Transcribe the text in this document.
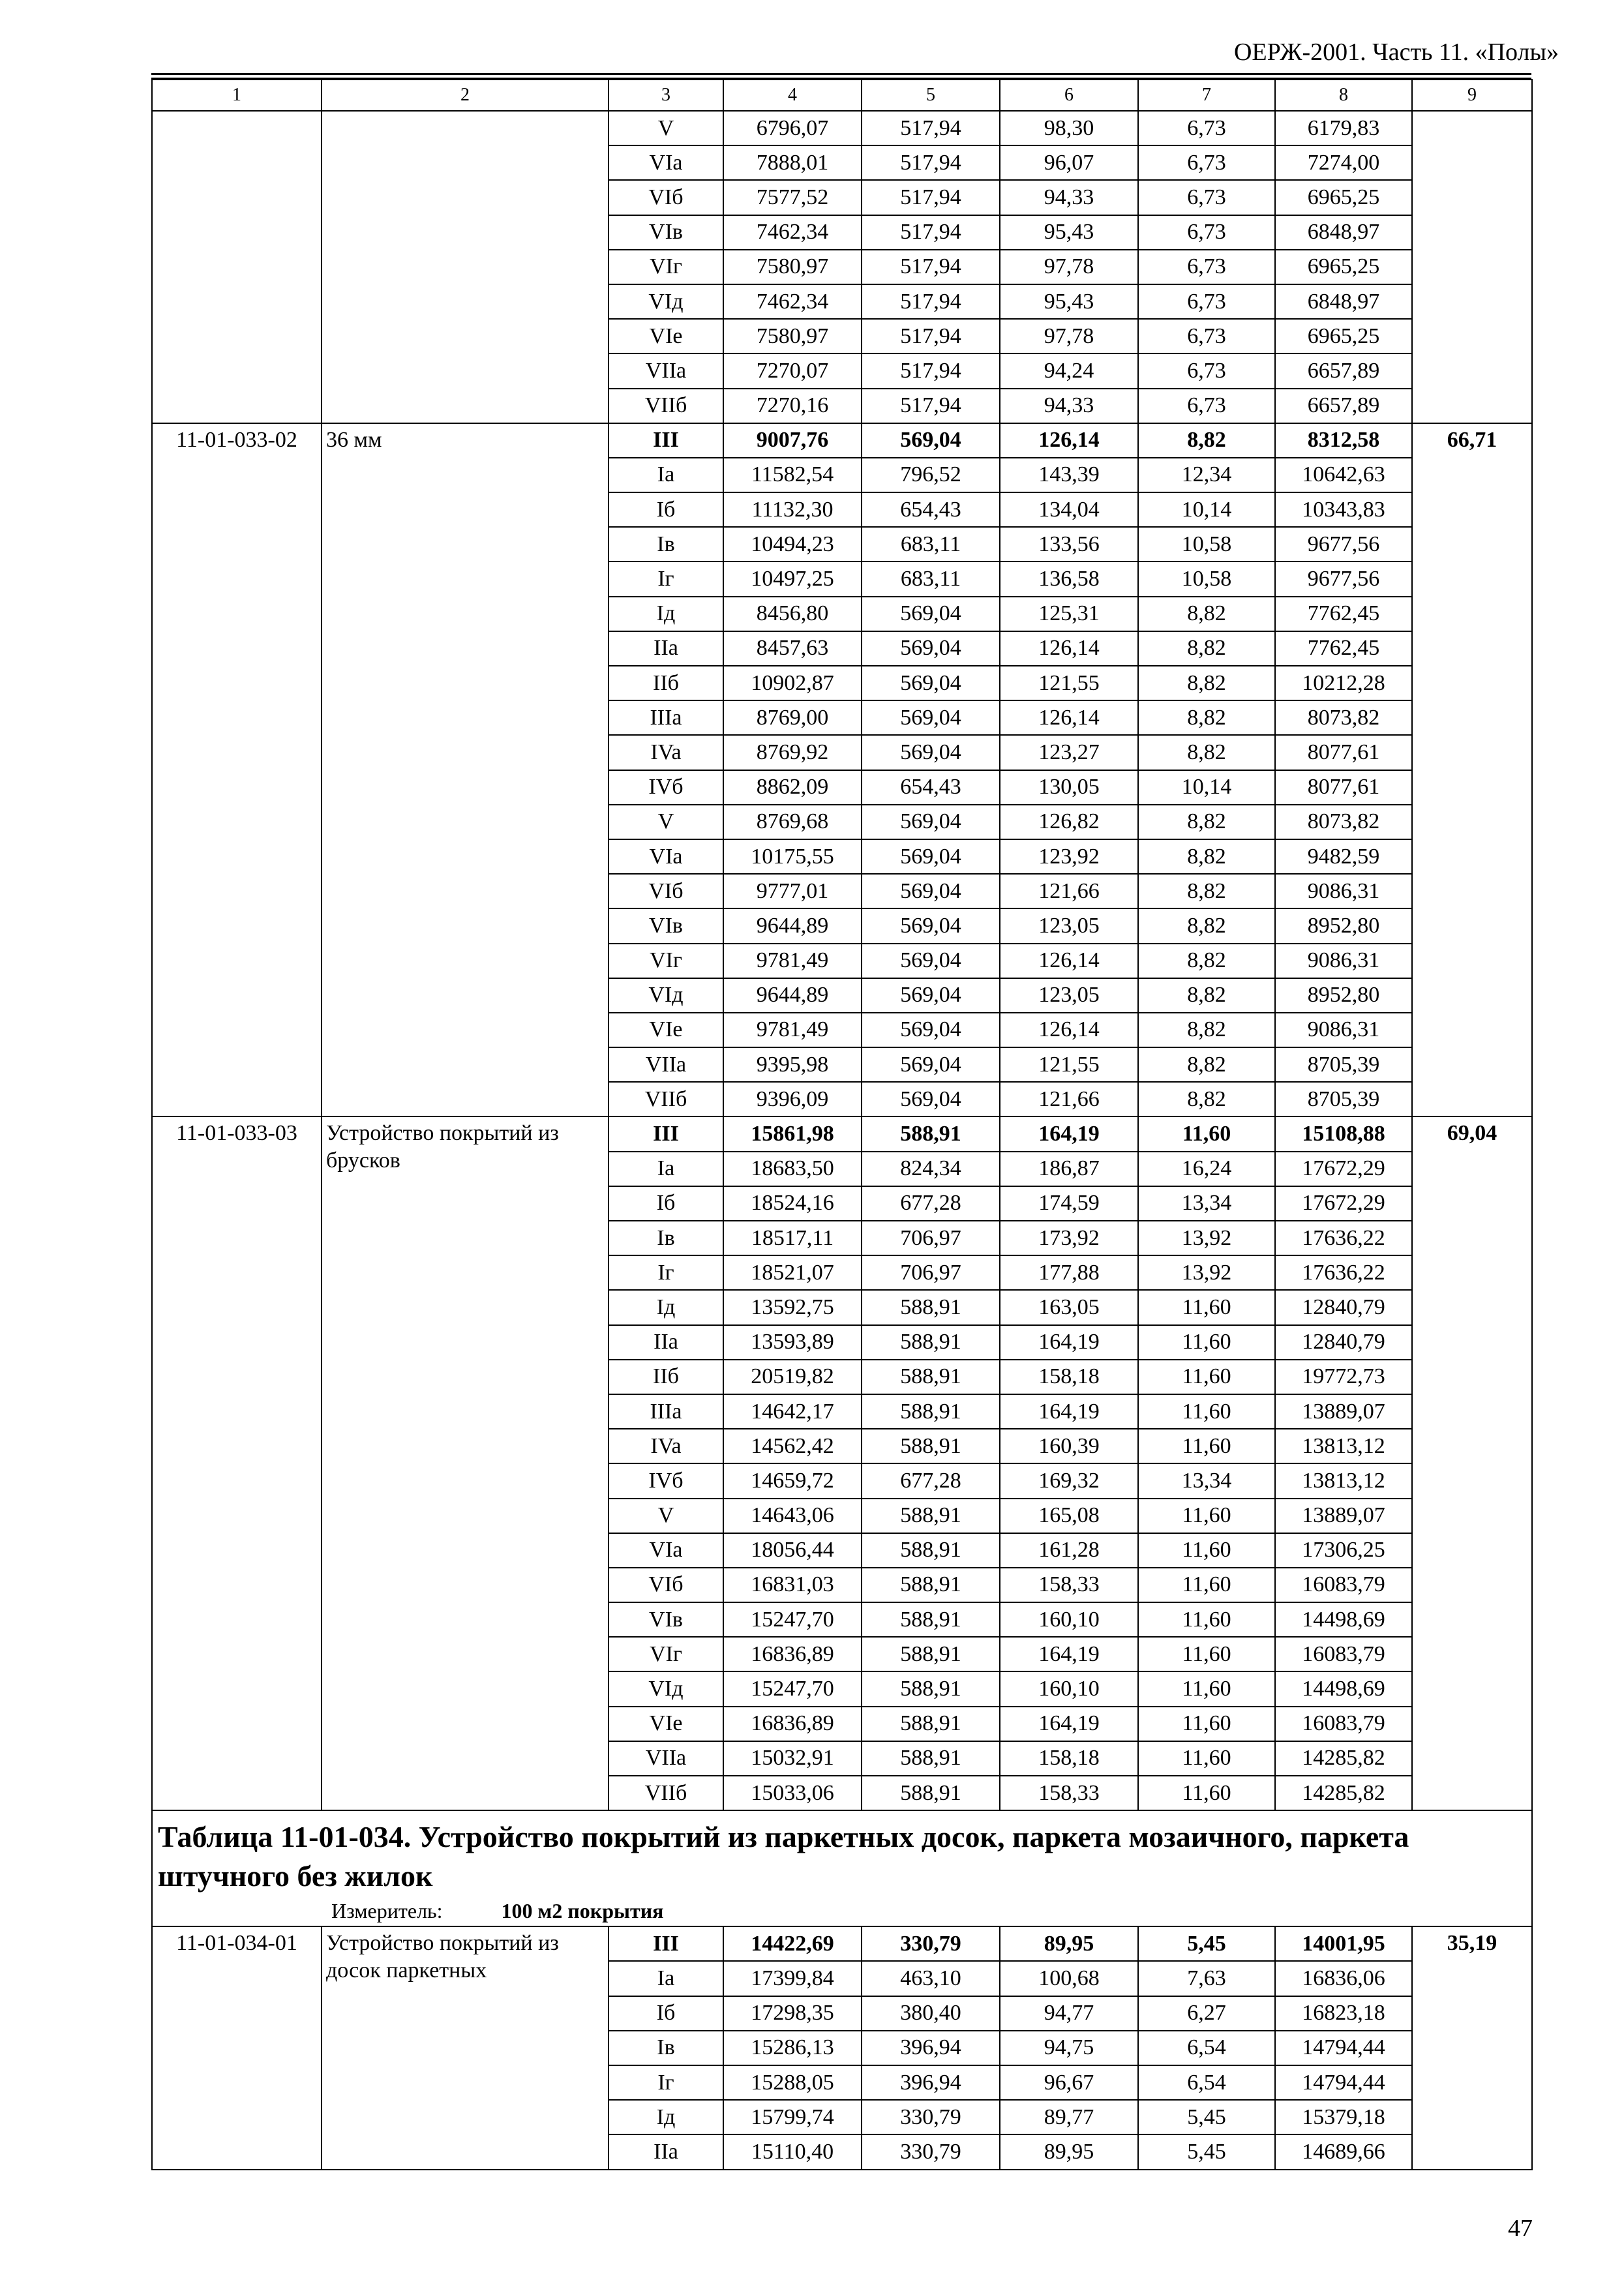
ОЕРЖ-2001. Часть 11. «Полы»
1	2	3	4	5	6	7	8	9
		V	6796,07	517,94	98,30	6,73	6179,83	
		VIa	7888,01	517,94	96,07	6,73	7274,00	
		VIб	7577,52	517,94	94,33	6,73	6965,25	
		VIв	7462,34	517,94	95,43	6,73	6848,97	
		VIг	7580,97	517,94	97,78	6,73	6965,25	
		VIд	7462,34	517,94	95,43	6,73	6848,97	
		VIe	7580,97	517,94	97,78	6,73	6965,25	
		VIIa	7270,07	517,94	94,24	6,73	6657,89	
		VIIб	7270,16	517,94	94,33	6,73	6657,89	
11-01-033-02	36 мм	III	9007,76	569,04	126,14	8,82	8312,58	66,71
		Ia	11582,54	796,52	143,39	12,34	10642,63	
		Iб	11132,30	654,43	134,04	10,14	10343,83	
		Iв	10494,23	683,11	133,56	10,58	9677,56	
		Iг	10497,25	683,11	136,58	10,58	9677,56	
		Iд	8456,80	569,04	125,31	8,82	7762,45	
		IIa	8457,63	569,04	126,14	8,82	7762,45	
		IIб	10902,87	569,04	121,55	8,82	10212,28	
		IIIa	8769,00	569,04	126,14	8,82	8073,82	
		IVa	8769,92	569,04	123,27	8,82	8077,61	
		IVб	8862,09	654,43	130,05	10,14	8077,61	
		V	8769,68	569,04	126,82	8,82	8073,82	
		VIa	10175,55	569,04	123,92	8,82	9482,59	
		VIб	9777,01	569,04	121,66	8,82	9086,31	
		VIв	9644,89	569,04	123,05	8,82	8952,80	
		VIг	9781,49	569,04	126,14	8,82	9086,31	
		VIд	9644,89	569,04	123,05	8,82	8952,80	
		VIe	9781,49	569,04	126,14	8,82	9086,31	
		VIIa	9395,98	569,04	121,55	8,82	8705,39	
		VIIб	9396,09	569,04	121,66	8,82	8705,39	
11-01-033-03	Устройство покрытий из брусков	III	15861,98	588,91	164,19	11,60	15108,88	69,04
		Ia	18683,50	824,34	186,87	16,24	17672,29	
		Iб	18524,16	677,28	174,59	13,34	17672,29	
		Iв	18517,11	706,97	173,92	13,92	17636,22	
		Iг	18521,07	706,97	177,88	13,92	17636,22	
		Iд	13592,75	588,91	163,05	11,60	12840,79	
		IIa	13593,89	588,91	164,19	11,60	12840,79	
		IIб	20519,82	588,91	158,18	11,60	19772,73	
		IIIa	14642,17	588,91	164,19	11,60	13889,07	
		IVa	14562,42	588,91	160,39	11,60	13813,12	
		IVб	14659,72	677,28	169,32	13,34	13813,12	
		V	14643,06	588,91	165,08	11,60	13889,07	
		VIa	18056,44	588,91	161,28	11,60	17306,25	
		VIб	16831,03	588,91	158,33	11,60	16083,79	
		VIв	15247,70	588,91	160,10	11,60	14498,69	
		VIг	16836,89	588,91	164,19	11,60	16083,79	
		VIд	15247,70	588,91	160,10	11,60	14498,69	
		VIe	16836,89	588,91	164,19	11,60	16083,79	
		VIIa	15032,91	588,91	158,18	11,60	14285,82	
		VIIб	15033,06	588,91	158,33	11,60	14285,82	

Таблица 11-01-034. Устройство покрытий из паркетных досок, паркета мозаичного, паркета штучного без жилок
Измеритель: 100 м2 покрытия								

11-01-034-01	Устройство покрытий из досок паркетных	III	14422,69	330,79	89,95	5,45	14001,95	35,19
		Ia	17399,84	463,10	100,68	7,63	16836,06	
		Iб	17298,35	380,40	94,77	6,27	16823,18	
		Iв	15286,13	396,94	94,75	6,54	14794,44	
		Iг	15288,05	396,94	96,67	6,54	14794,44	
		Iд	15799,74	330,79	89,77	5,45	15379,18	
		IIa	15110,40	330,79	89,95	5,45	14689,66	
47
